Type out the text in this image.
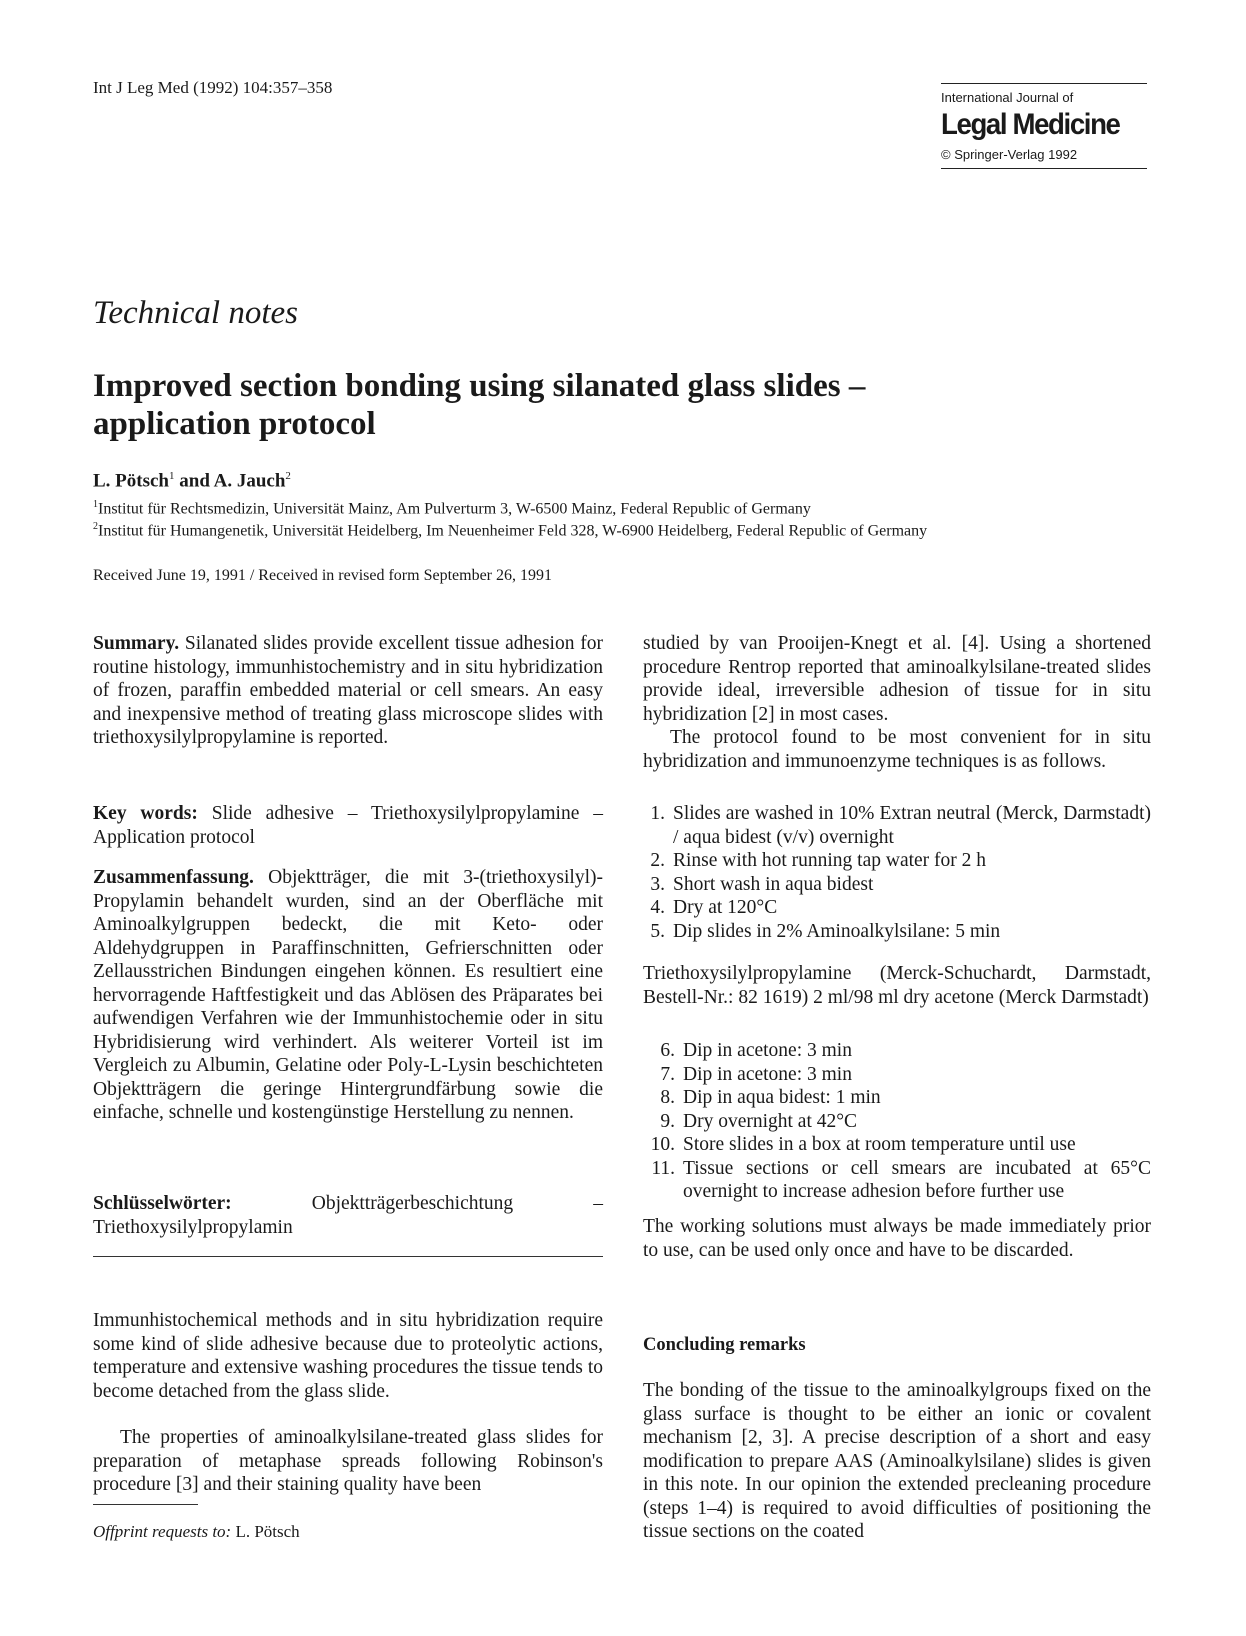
Int J Leg Med (1992) 104:357–358
International Journal of
Legal Medicine
© Springer-Verlag 1992
Technical notes
Improved section bonding using silanated glass slides – application protocol
L. Pötsch$^1$ and A. Jauch$^2$
$^1$Institut für Rechtsmedizin, Universität Mainz, Am Pulverturm 3, W-6500 Mainz, Federal Republic of Germany
$^2$Institut für Humangenetik, Universität Heidelberg, Im Neuenheimer Feld 328, W-6900 Heidelberg, Federal Republic of Germany
Received June 19, 1991 / Received in revised form September 26, 1991
Summary. Silanated slides provide excellent tissue adhesion for routine histology, immunhistochemistry and in situ hybridization of frozen, paraffin embedded material or cell smears. An easy and inexpensive method of treating glass microscope slides with triethoxysilylpropylamine is reported.
Key words: Slide adhesive – Triethoxysilylpropylamine – Application protocol
Zusammenfassung. Objektträger, die mit 3-(triethoxysilyl)-Propylamin behandelt wurden, sind an der Oberfläche mit Aminoalkylgruppen bedeckt, die mit Keto- oder Aldehydgruppen in Paraffinschnitten, Gefrierschnitten oder Zellausstrichen Bindungen eingehen können. Es resultiert eine hervorragende Haftfestigkeit und das Ablösen des Präparates bei aufwendigen Verfahren wie der Immunhistochemie oder in situ Hybridisierung wird verhindert. Als weiterer Vorteil ist im Vergleich zu Albumin, Gelatine oder Poly-L-Lysin beschichteten Objektträgern die geringe Hintergrundfärbung sowie die einfache, schnelle und kostengünstige Herstellung zu nennen.
Schlüsselwörter: Objektträgerbeschichtung – Triethoxysilylpropylamin
Immunhistochemical methods and in situ hybridization require some kind of slide adhesive because due to proteolytic actions, temperature and extensive washing procedures the tissue tends to become detached from the glass slide.
The properties of aminoalkylsilane-treated glass slides for preparation of metaphase spreads following Robinson's procedure [3] and their staining quality have been
Offprint requests to: L. Pötsch
studied by van Prooijen-Knegt et al. [4]. Using a shortened procedure Rentrop reported that aminoalkylsilane-treated slides provide ideal, irreversible adhesion of tissue for in situ hybridization [2] in most cases.
The protocol found to be most convenient for in situ hybridization and immunoenzyme techniques is as follows.
1. Slides are washed in 10% Extran neutral (Merck, Darmstadt) / aqua bidest (v/v) overnight
2. Rinse with hot running tap water for 2 h
3. Short wash in aqua bidest
4. Dry at 120°C
5. Dip slides in 2% Aminoalkylsilane: 5 min
Triethoxysilylpropylamine (Merck-Schuchardt, Darmstadt, Bestell-Nr.: 82 1619) 2 ml/98 ml dry acetone (Merck Darmstadt)
6. Dip in acetone: 3 min
7. Dip in acetone: 3 min
8. Dip in aqua bidest: 1 min
9. Dry overnight at 42°C
10. Store slides in a box at room temperature until use
11. Tissue sections or cell smears are incubated at 65°C overnight to increase adhesion before further use
The working solutions must always be made immediately prior to use, can be used only once and have to be discarded.
Concluding remarks
The bonding of the tissue to the aminoalkylgroups fixed on the glass surface is thought to be either an ionic or covalent mechanism [2, 3]. A precise description of a short and easy modification to prepare AAS (Aminoalkylsilane) slides is given in this note. In our opinion the extended precleaning procedure (steps 1–4) is required to avoid difficulties of positioning the tissue sections on the coated
